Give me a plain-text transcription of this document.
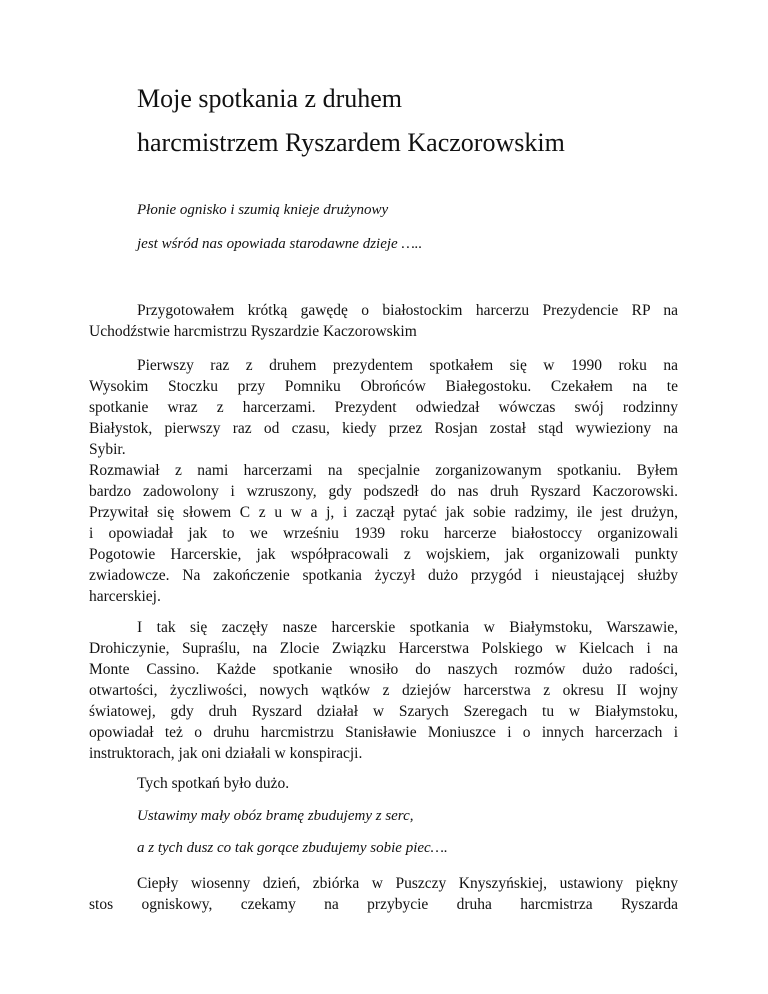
Moje spotkania z druhem
harcmistrzem Ryszardem Kaczorowskim
Płonie ognisko i szumią knieje drużynowy
jest wśród nas opowiada starodawne dzieje …..
Przygotowałem krótką gawędę o białostockim harcerzu Prezydencie RP na
Uchodźstwie harcmistrzu Ryszardzie Kaczorowskim
Pierwszy raz z druhem prezydentem spotkałem się w 1990 roku na
Wysokim Stoczku przy Pomniku Obrońców Białegostoku. Czekałem na te
spotkanie wraz z harcerzami. Prezydent odwiedzał wówczas swój rodzinny
Białystok, pierwszy raz od czasu, kiedy przez Rosjan został stąd wywieziony na
Sybir.
Rozmawiał z nami harcerzami na specjalnie zorganizowanym spotkaniu. Byłem
bardzo zadowolony i wzruszony, gdy podszedł do nas druh Ryszard Kaczorowski.
Przywitał się słowem C z u w a j, i zaczął pytać jak sobie radzimy, ile jest drużyn,
i opowiadał jak to we wrześniu 1939 roku harcerze białostoccy organizowali
Pogotowie Harcerskie, jak współpracowali z wojskiem, jak organizowali punkty
zwiadowcze. Na zakończenie spotkania życzył dużo przygód i nieustającej służby
harcerskiej.
I tak się zaczęły nasze harcerskie spotkania w Białymstoku, Warszawie,
Drohiczynie, Supraślu, na Zlocie Związku Harcerstwa Polskiego w Kielcach i na
Monte Cassino. Każde spotkanie wnosiło do naszych rozmów dużo radości,
otwartości, życzliwości, nowych wątków z dziejów harcerstwa z okresu II wojny
światowej, gdy druh Ryszard działał w Szarych Szeregach tu w Białymstoku,
opowiadał też o druhu harcmistrzu Stanisławie Moniuszce i o innych harcerzach i
instruktorach, jak oni działali w konspiracji.
Tych spotkań było dużo.
Ustawimy mały obóz bramę zbudujemy z serc,
a z tych dusz co tak gorące zbudujemy sobie piec….
Ciepły wiosenny dzień, zbiórka w Puszczy Knyszyńskiej, ustawiony piękny
stos ogniskowy, czekamy na przybycie druha harcmistrza Ryszarda
